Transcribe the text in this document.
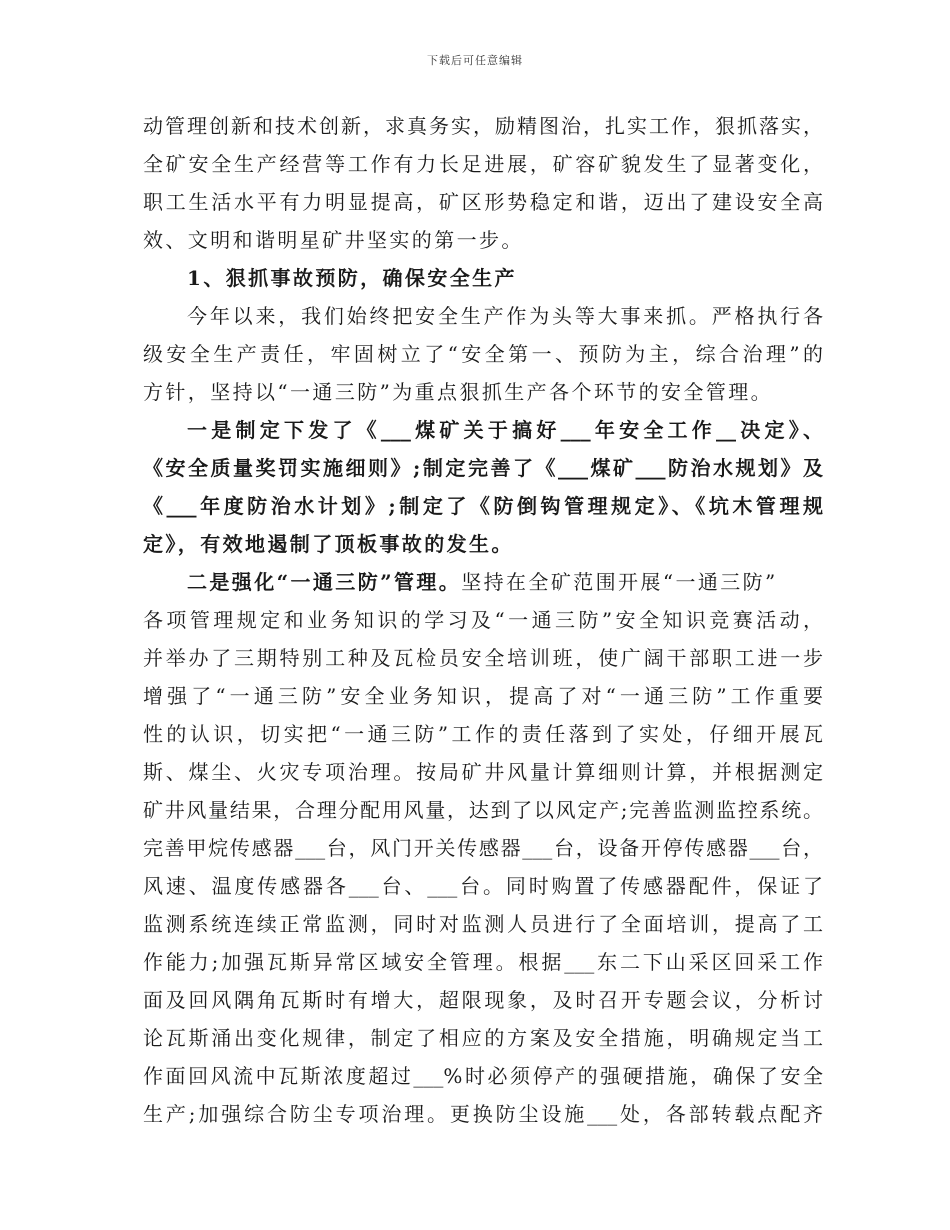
下载后可任意编辑
动管理创新和技术创新，求真务实，励精图治，扎实工作，狠抓落实，
全矿安全生产经营等工作有力长足进展，矿容矿貌发生了显著变化，
职工生活水平有力明显提高，矿区形势稳定和谐，迈出了建设安全高
效、文明和谐明星矿井坚实的第一步。
1、狠抓事故预防，确保安全生产
今年以来，我们始终把安全生产作为头等大事来抓。严格执行各
级安全生产责任，牢固树立了“安全第一、预防为主，综合治理”的
方针，坚持以“一通三防”为重点狠抓生产各个环节的安全管理。
一是制定下发了《___煤矿关于搞好___年安全工作__决定》、
《安全质量奖罚实施细则》;制定完善了《___煤矿___防治水规划》及
《___年度防治水计划》;制定了《防倒钩管理规定》、《坑木管理规
定》，有效地遏制了顶板事故的发生。
二是强化“一通三防”管理。坚持在全矿范围开展“一通三防”
各项管理规定和业务知识的学习及“一通三防”安全知识竞赛活动，
并举办了三期特别工种及瓦检员安全培训班，使广阔干部职工进一步
增强了“一通三防”安全业务知识，提高了对“一通三防”工作重要
性的认识，切实把“一通三防”工作的责任落到了实处，仔细开展瓦
斯、煤尘、火灾专项治理。按局矿井风量计算细则计算，并根据测定
矿井风量结果，合理分配用风量，达到了以风定产;完善监测监控系统。
完善甲烷传感器___台，风门开关传感器___台，设备开停传感器___台，
风速、温度传感器各___台、___台。同时购置了传感器配件，保证了
监测系统连续正常监测，同时对监测人员进行了全面培训，提高了工
作能力;加强瓦斯异常区域安全管理。根据___东二下山采区回采工作
面及回风隅角瓦斯时有增大，超限现象，及时召开专题会议，分析讨
论瓦斯涌出变化规律，制定了相应的方案及安全措施，明确规定当工
作面回风流中瓦斯浓度超过___%时必须停产的强硬措施，确保了安全
生产;加强综合防尘专项治理。更换防尘设施___处，各部转载点配齐
